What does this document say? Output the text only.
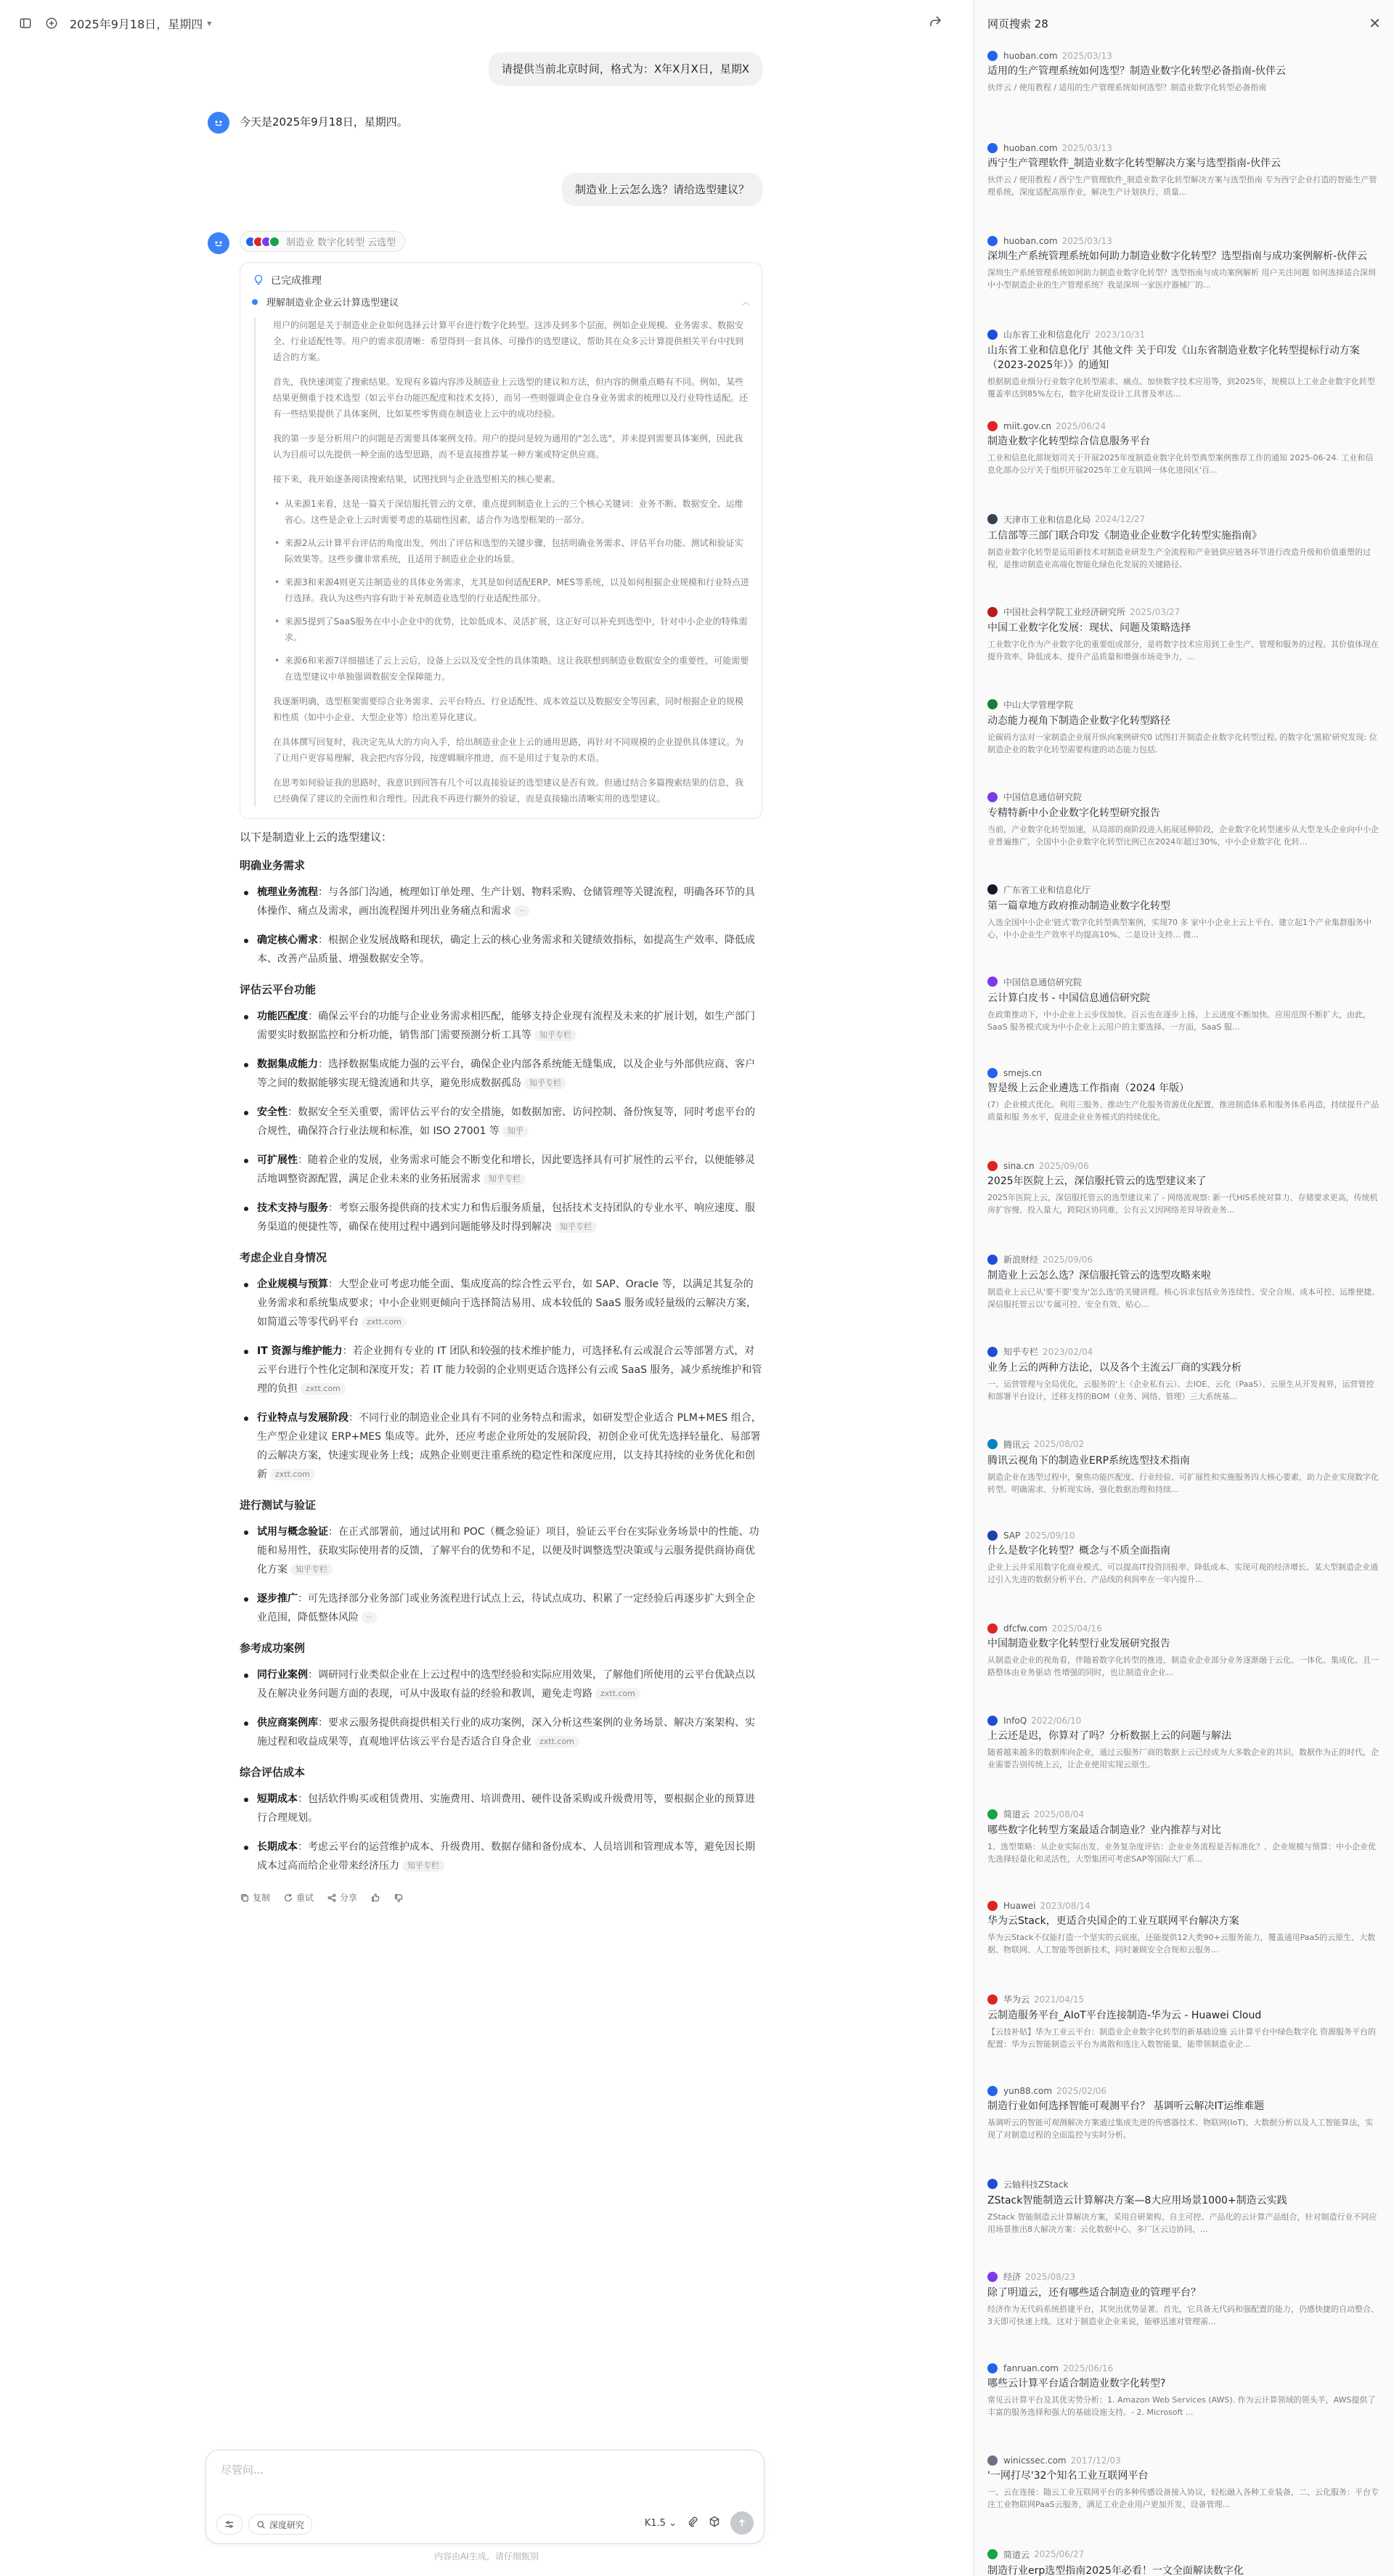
2025年9月18日，星期四 ▾
请提供当前北京时间，格式为：X年X月X日，星期X
今天是2025年9月18日，星期四。
制造业上云怎么选？请给选型建议？
制造业 数字化转型 云选型
已完成推理
理解制造业企业云计算选型建议	︿

用户的问题是关于制造业企业如何选择云计算平台进行数字化转型。这涉及到多个层面，例如企业规模、业务需求、数据安全、行业适配性等。用户的需求很清晰：希望得到一套具体、可操作的选型建议，帮助其在众多云计算提供相关平台中找到适合的方案。

首先，我快速浏览了搜索结果。发现有多篇内容涉及制造业上云选型的建议和方法，但内容的侧重点略有不同。例如，某些结果更侧重于技术选型（如云平台功能匹配度和技术支持），而另一些则强调企业自身业务需求的梳理以及行业特性适配。还有一些结果提供了具体案例，比如某些零售商在制造业上云中的成功经验。

我的第一步是分析用户的问题是否需要具体案例支持。用户的提问是较为通用的"怎么选"，并未提到需要具体案例，因此我认为目前可以先提供一种全面的选型思路，而不是直接推荐某一种方案或特定供应商。

接下来，我开始逐条阅读搜索结果，试图找到与企业选型相关的核心要素。

• 从来源1来看，这是一篇关于深信服托管云的文章，重点提到制造业上云的三个核心关键词：业务不断、数据安全、运维省心。这些是企业上云时需要考虑的基础性因素，适合作为选型框架的一部分。
• 来源2从云计算平台评估的角度出发，列出了评估和选型的关键步骤，包括明确业务需求、评估平台功能、测试和验证实际效果等。这些步骤非常系统，且适用于制造业企业的场景。
• 来源3和来源4则更关注制造业的具体业务需求，尤其是如何适配ERP、MES等系统，以及如何根据企业规模和行业特点进行选择。我认为这些内容有助于补充制造业选型的行业适配性部分。
• 来源5提到了SaaS服务在中小企业中的优势，比如低成本、灵活扩展，这正好可以补充到选型中，针对中小企业的特殊需求。
• 来源6和来源7详细描述了云上云后，设备上云以及安全性的具体策略。这让我联想到制造业数据安全的重要性，可能需要在选型建议中单独强调数据安全保障能力。

我逐渐明确，选型框架需要综合业务需求、云平台特点、行业适配性、成本效益以及数据安全等因素，同时根据企业的规模和性质（如中小企业、大型企业等）给出差异化建议。

在具体撰写回复时，我决定先从大的方向入手，给出制造业企业上云的通用思路，再针对不同规模的企业提供具体建议。为了让用户更容易理解，我会把内容分段，按逻辑顺序推进，而不是用过于复杂的术语。

在思考如何验证我的思路时，我意识到回答有几个可以直接验证的选型建议是否有效。但通过结合多篇搜索结果的信息，我已经确保了建议的全面性和合理性。因此我不再进行额外的验证，而是直接输出清晰实用的选型建议。

以下是制造业上云的选型建议：
明确业务需求
梳理业务流程：与各部门沟通，梳理如订单处理、生产计划、物料采购、仓储管理等关键流程，明确各环节的具体操作、痛点及需求，画出流程图并列出业务痛点和需求 ··
确定核心需求：根据企业发展战略和现状，确定上云的核心业务需求和关键绩效指标，如提高生产效率、降低成本、改善产品质量、增强数据安全等。
评估云平台功能
功能匹配度：确保云平台的功能与企业业务需求相匹配，能够支持企业现有流程及未来的扩展计划，如生产部门需要实时数据监控和分析功能，销售部门需要预测分析工具等 知乎专栏
数据集成能力：选择数据集成能力强的云平台，确保企业内部各系统能无缝集成，以及企业与外部供应商、客户等之间的数据能够实现无缝流通和共享，避免形成数据孤岛 知乎专栏
安全性：数据安全至关重要，需评估云平台的安全措施，如数据加密、访问控制、备份恢复等，同时考虑平台的合规性，确保符合行业法规和标准，如 ISO 27001 等 知乎
可扩展性：随着企业的发展，业务需求可能会不断变化和增长，因此要选择具有可扩展性的云平台，以便能够灵活地调整资源配置，满足企业未来的业务拓展需求 知乎专栏
技术支持与服务：考察云服务提供商的技术实力和售后服务质量，包括技术支持团队的专业水平、响应速度、服务渠道的便捷性等，确保在使用过程中遇到问题能够及时得到解决 知乎专栏
考虑企业自身情况
企业规模与预算：大型企业可考虑功能全面、集成度高的综合性云平台，如 SAP、Oracle 等，以满足其复杂的业务需求和系统集成要求；中小企业则更倾向于选择简洁易用、成本较低的 SaaS 服务或轻量级的云解决方案，如简道云等零代码平台 zxtt.com
IT 资源与维护能力：若企业拥有专业的 IT 团队和较强的技术维护能力，可选择私有云或混合云等部署方式，对云平台进行个性化定制和深度开发；若 IT 能力较弱的企业则更适合选择公有云或 SaaS 服务，减少系统维护和管理的负担 zxtt.com
行业特点与发展阶段：不同行业的制造业企业具有不同的业务特点和需求，如研发型企业适合 PLM+MES 组合，生产型企业建议 ERP+MES 集成等。此外，还应考虑企业所处的发展阶段，初创企业可优先选择轻量化、易部署的云解决方案，快速实现业务上线；成熟企业则更注重系统的稳定性和深度应用，以支持其持续的业务优化和创新 zxtt.com
进行测试与验证
试用与概念验证：在正式部署前，通过试用和 POC（概念验证）项目，验证云平台在实际业务场景中的性能、功能和易用性，获取实际使用者的反馈，了解平台的优势和不足，以便及时调整选型决策或与云服务提供商协商优化方案 知乎专栏
逐步推广：可先选择部分业务部门或业务流程进行试点上云，待试点成功、积累了一定经验后再逐步扩大到全企业范围，降低整体风险 ··
参考成功案例
同行业案例：调研同行业类似企业在上云过程中的选型经验和实际应用效果，了解他们所使用的云平台优缺点以及在解决业务问题方面的表现，可从中汲取有益的经验和教训，避免走弯路 zxtt.com
供应商案例库：要求云服务提供商提供相关行业的成功案例，深入分析这些案例的业务场景、解决方案架构、实施过程和收益成果等，直观地评估该云平台是否适合自身企业 zxtt.com
综合评估成本
短期成本：包括软件购买或租赁费用、实施费用、培训费用、硬件设备采购或升级费用等，要根据企业的预算进行合理规划。
长期成本：考虑云平台的运营维护成本、升级费用、数据存储和备份成本、人员培训和管理成本等，避免因长期成本过高而给企业带来经济压力 知乎专栏
复制	重试	分享
尽管问...
深度研究	K1.5 ⌄
内容由AI生成，请仔细甄别
网页搜索 28	✕
huoban.com 2025/03/13
适用的生产管理系统如何选型？制造业数字化转型必备指南-伙伴云
伙伴云 / 使用教程 / 适用的生产管理系统如何选型？制造业数字化转型必备指南
huoban.com 2025/03/13
西宁生产管理软件_制造业数字化转型解决方案与选型指南-伙伴云
伙伴云 / 使用教程 / 西宁生产管理软件_制造业数字化转型解决方案与选型指南 专为西宁企业打造的智能生产管理系统，深度适配高原作业，解决生产计划执行、质量...
huoban.com 2025/03/13
深圳生产系统管理系统如何助力制造业数字化转型？选型指南与成功案例解析-伙伴云
深圳生产系统管理系统如何助力制造业数字化转型？选型指南与成功案例解析 用户关注问题 如何选择适合深圳中小型制造企业的生产管理系统？我是深圳一家医疗器械厂的...
山东省工业和信息化厅 2023/10/31
山东省工业和信息化厅 其他文件 关于印发《山东省制造业数字化转型提标行动方案（2023-2025年）》的通知
根据制造业细分行业数字化转型需求、痛点、加快数字技术应用等，到2025年，规模以上工业企业数字化转型覆盖率达到85%左右，数字化研发设计工具普及率达...
miit.gov.cn 2025/06/24
制造业数字化转型综合信息服务平台
工业和信息化部规划司关于开展2025年度制造业数字化转型典型案例推荐工作的通知 2025-06-24. 工业和信息化部办公厅关于组织开展2025年工业互联网一体化进园区'百...
天津市工业和信息化局 2024/12/27
工信部等三部门联合印发《制造业企业数字化转型实施指南》
制造业数字化转型是运用新技术对制造业研发生产全流程和产业链供应链各环节进行改造升级和价值重塑的过程，是推动制造业高端化智能化绿色化发展的关键路径。
中国社会科学院工业经济研究所 2025/03/27
中国工业数字化发展：现状、问题及策略选择
工业数字化作为产业数字化的重要组成部分，是将数字技术应用到工业生产、管理和服务的过程。其价值体现在提升效率、降低成本、提升产品质量和增强市场竞争力，...
中山大学管理学院
动态能力视角下制造企业数字化转型路径
论碳码方法对一家制造企业展开纵向案例研究0 试图打开制造企业数字化转型过程, 的数字化'黑箱'研究发现: 位制造企业的数字化转型需要构建的动态能力包括.
中国信息通信研究院
专精特新中小企业数字化转型研究报告
当前，产业数字化转型加速，从局部的商阶段进入拓展延伸阶段，企业数字化转型速步从大型龙头企业向中小企业普遍推广，全国中小企业数字化转型比例已在2024年超过30%，中小企业数字化 化转...
广东省工业和信息化厅
第一篇章地方政府推动制造业数字化转型
入选全国中小企业'链式'数字化转型典型案例，实现70 多 家中小企业上云上平台、建立起1个产业集群服务中心，中小企业生产效率平均提高10%、二是设计支持... 微...
中国信息通信研究院
云计算白皮书 - 中国信息通信研究院
在政策推动下，中小企业上云步伐加快。百云也在逐步上扬，上云进度不断加快。应用范围不断扩大，由此，SaaS 服务模式成为中小企业上云用户的主要选择。一方面，SaaS 服...
smejs.cn
智是级上云企业遴选工作指南（2024 年版）
(7）企业模式优化。利用三服务、推动生产化服务资源优化配置，推进制造体系和服务体系再造，持续提升产品质量和服 务水平，促进企业业务模式的持续优化。
sina.cn 2025/09/06
2025年医院上云，深信服托管云的选型建议来了
2025年医院上云，深信服托管云的选型建议来了 - 网络流观察: 新一代HIS系统对算力、存储要求更高，传统机房扩容慢、投入量大，跨院区协同难，公有云又因网络差异导致业务...
新浪财经 2025/09/06
制造业上云怎么选？深信服托管云的选型攻略来啦
制造业上云已从'要不要'变为'怎么选'的关键讲理。核心诉求包括业务连续性、安全合规、成本可控、运维便捷。深信服托管云以'专属可控、安全有效、贴心...
知乎专栏 2023/02/04
业务上云的两种方法论，以及各个主流云厂商的实践分析
一、运营管理与全局优化，云服务的'上（企业私有云）、去IOE、云化（PaaS）、云原生从开发视界，运营管控和部署平台设计，迁移支持的BOM（业务、网络、管理）三大系统基...
腾讯云 2025/08/02
腾讯云视角下的制造业ERP系统选型技术指南
制造企业在选型过程中，聚焦功能匹配度、行业经验、可扩展性和实施服务四大核心要素，助力企业实现数字化转型。明确需求、分析现实场、强化数据治理和持续...
SAP 2025/09/10
什么是数字化转型？概念与不质全面指南
企业上云并采用数字化商业模式、可以提高IT投资回报率、降低成本、实现可观的经济增长。某大型制造企业通过引入先进的数据分析平台、产品线的利润率在一年内提升...
dfcfw.com 2025/04/16
中国制造业数字化转型行业发展研究报告
从制造业企业的视角看，伴随着数字化转型的推进，制造业企业部分业务逐渐融于云化、一体化、集成化、且一路整体由业务驱动 性增强的同时，也让制造业企业...
InfoQ 2022/06/10
上云还是迟，你算对了吗？分析数据上云的问题与解法
随着越来越多的数据库向企业，通过云服务厂商的数据上云已经成为大多数企业的共识。数据作为正的时代，企业需要告别传统上云，让企业使用实现云原生。
简道云 2025/08/04
哪些数字化转型方案最适合制造业？业内推荐与对比
1、选型策略：从企业实际出发、业务复杂度评估：企业业务流程是否标准化？、企业规模与预算：中小企业优先选择轻量化和灵活性，大型集团可考虑SAP等国际大厂系...
Huawei 2023/08/14
华为云Stack，更适合央国企的工业互联网平台解决方案
华为云Stack不仅能打造一个坚实的云底座，还能提供12大类90+云服务能力，覆盖通用PaaS的云原生、大数据、物联网、人工智能等创新技术，同时兼顾安全合规和云服务...
华为云 2021/04/15
云制造服务平台_AIoT平台连接制造-华为云 - Huawei Cloud
【云技补贴】华为工业云平台：制造业企业数字化转型的新基础设施 云计算平台中绿色数字化 资源服务平台的配置：华为云智能制造云平台为离散和连注入数智能量，能带领制造业企...
yun88.com 2025/02/06
制造行业如何选择智能可观测平台？ 基调听云解决IT运维难题
基调听云的智能可观测解决方案通过集成先进的传感器技术、物联网(IoT)、大数据分析以及人工智能算法，实现了对制造过程的全面监控与实时分析。
云轴科技ZStack
ZStack智能制造云计算解决方案—8大应用场景1000+制造云实践
ZStack 智能制造云计算解决方案，采用自研架构、自主可控、产品化的云计算产品组合，针对制造行业不同应用场景推出8大解决方案：云化数据中心、多厂区云边协同、...
经济 2025/08/23
除了明道云，还有哪些适合制造业的管理平台？
经济作为无代码系统搭建平台，其突出优势显著。首先，它具备无代码和强配置的能力，仍感快捷的自动整合、3天即可快速上线。这对于制造业企业来说，能够迅速对管理需...
fanruan.com 2025/06/16
哪些云计算平台适合制造业数字化转型?
常见云计算平台及其优劣势分析：1. Amazon Web Services (AWS). 作为云计算领域的领头羊，AWS提供了丰富的服务选择和强大的基础设施支持。- 2. Microsoft ...
winicssec.com 2017/12/03
'一网打尽'32个知名工业互联网平台
一、云在连接：随云工业互联网平台的多种传感设备接入协议，轻松融入各种工业装备，二、云化服务：平台专注工业物联网PaaS云服务，满足工业企业用户更加开发、设备管理...
简道云 2025/06/27
制造行业erp选型指南2025年必看！一文全面解读数字化
